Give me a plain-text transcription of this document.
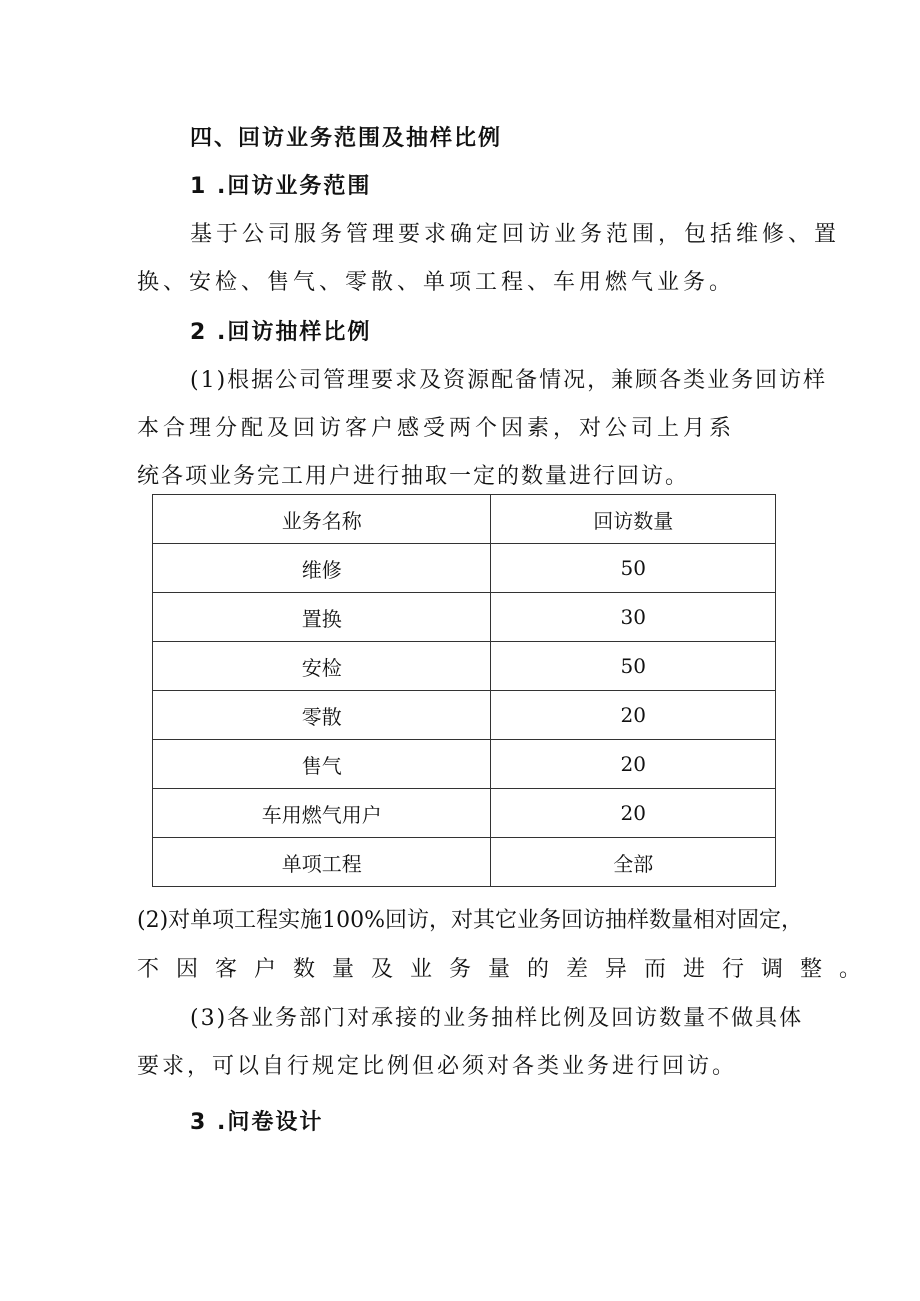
四、回访业务范围及抽样比例
1 .回访业务范围
基于公司服务管理要求确定回访业务范围，包括维修、置
换、安检、售气、零散、单项工程、车用燃气业务。
2 .回访抽样比例
(1)根据公司管理要求及资源配备情况，兼顾各类业务回访样
本合理分配及回访客户感受两个因素，对公司上月系
统各项业务完工用户进行抽取一定的数量进行回访。
业务名称	回访数量
维修	50
置换	30
安检	50
零散	20
售气	20
车用燃气用户	20
单项工程	全部
(2)对单项工程实施100%回访，对其它业务回访抽样数量相对固定，
不因客户数量及业务量的差异而进行调整。
(3)各业务部门对承接的业务抽样比例及回访数量不做具体
要求，可以自行规定比例但必须对各类业务进行回访。
3 .问卷设计
